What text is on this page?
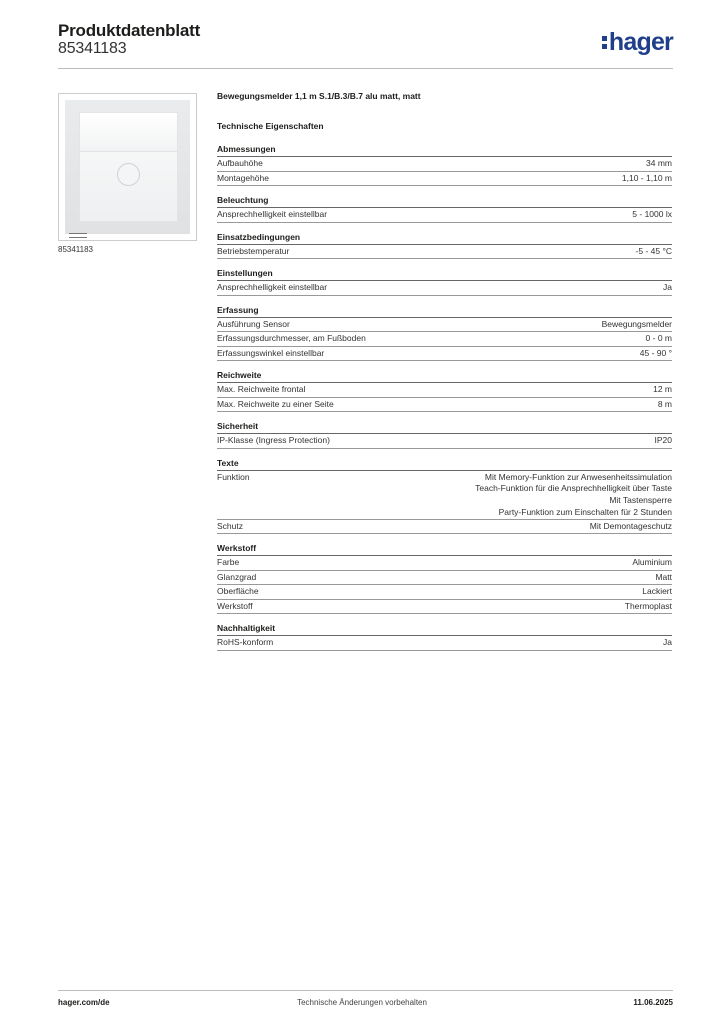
Produktdatenblatt
85341183	hager
85341183
Bewegungsmelder 1,1 m S.1/B.3/B.7 alu matt, matt
Technische Eigenschaften
Abmessungen
Aufbauhöhe	34 mm
Montagehöhe	1,10 - 1,10 m
Beleuchtung
Ansprechhelligkeit einstellbar	5 - 1000 lx
Einsatzbedingungen
Betriebstemperatur	-5 - 45 °C
Einstellungen
Ansprechhelligkeit einstellbar	Ja
Erfassung
Ausführung Sensor	Bewegungsmelder
Erfassungsdurchmesser, am Fußboden	0 - 0 m
Erfassungswinkel einstellbar	45 - 90 °
Reichweite
Max. Reichweite frontal	12 m
Max. Reichweite zu einer Seite	8 m
Sicherheit
IP-Klasse (Ingress Protection)	IP20
Texte
Funktion	Mit Memory-Funktion zur Anwesenheitssimulation
Teach-Funktion für die Ansprechhelligkeit über Taste
Mit Tastensperre
Party-Funktion zum Einschalten für 2 Stunden
Schutz	Mit Demontageschutz
Werkstoff
Farbe	Aluminium
Glanzgrad	Matt
Oberfläche	Lackiert
Werkstoff	Thermoplast
Nachhaltigkeit
RoHS-konform	Ja
hager.com/de	Technische Änderungen vorbehalten	11.06.2025
